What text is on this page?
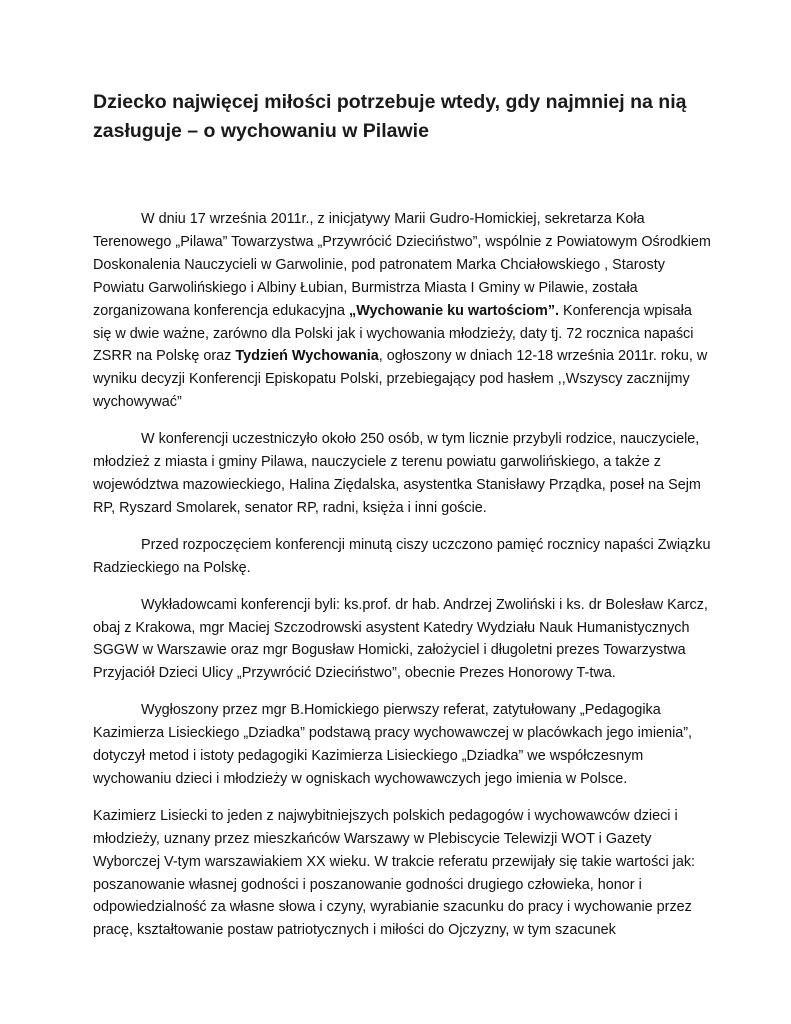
Dziecko najwięcej miłości potrzebuje wtedy, gdy najmniej na nią zasługuje – o wychowaniu w Pilawie

W dniu 17 września 2011r., z inicjatywy Marii Gudro-Homickiej, sekretarza Koła Terenowego „Pilawa” Towarzystwa „Przywrócić Dzieciństwo”, wspólnie z Powiatowym Ośrodkiem Doskonalenia Nauczycieli w Garwolinie, pod patronatem Marka Chciałowskiego , Starosty Powiatu Garwolińskiego i Albiny Łubian, Burmistrza Miasta I Gminy w Pilawie, została zorganizowana konferencja edukacyjna „Wychowanie ku wartościom”. Konferencja wpisała się w dwie ważne, zarówno dla Polski jak i wychowania młodzieży, daty tj. 72 rocznica napaści ZSRR na Polskę oraz Tydzień Wychowania, ogłoszony w dniach 12-18 września 2011r. roku, w wyniku decyzji Konferencji Episkopatu Polski, przebiegający pod hasłem ,,Wszyscy zacznijmy wychowywać”

W konferencji uczestniczyło około 250 osób, w tym licznie przybyli rodzice, nauczyciele, młodzież z miasta i gminy Pilawa, nauczyciele z terenu powiatu garwolińskiego, a także z województwa mazowieckiego, Halina Ziędalska, asystentka Stanisławy Prządka, poseł na Sejm RP, Ryszard Smolarek, senator RP, radni, księża i inni goście.

Przed rozpoczęciem konferencji minutą ciszy uczczono pamięć rocznicy napaści Związku Radzieckiego na Polskę.

Wykładowcami konferencji byli: ks.prof. dr hab. Andrzej Zwoliński i ks. dr Bolesław Karcz, obaj z Krakowa, mgr Maciej Szczodrowski asystent Katedry Wydziału Nauk Humanistycznych SGGW w Warszawie oraz mgr Bogusław Homicki, założyciel i długoletni prezes Towarzystwa Przyjaciół Dzieci Ulicy „Przywrócić Dzieciństwo”, obecnie Prezes Honorowy T-twa.

Wygłoszony przez mgr B.Homickiego pierwszy referat, zatytułowany „Pedagogika Kazimierza Lisieckiego „Dziadka” podstawą pracy wychowawczej w placówkach jego imienia”, dotyczył metod i istoty pedagogiki Kazimierza Lisieckiego „Dziadka” we współczesnym wychowaniu dzieci i młodzieży w ogniskach wychowawczych jego imienia w Polsce.

Kazimierz Lisiecki to jeden z najwybitniejszych polskich pedagogów i wychowawców dzieci i młodzieży, uznany przez mieszkańców Warszawy w Plebiscycie Telewizji WOT i Gazety Wyborczej V-tym warszawiakiem XX wieku. W trakcie referatu przewijały się takie wartości jak: poszanowanie własnej godności i poszanowanie godności drugiego człowieka, honor i odpowiedzialność za własne słowa i czyny, wyrabianie szacunku do pracy i wychowanie przez pracę, kształtowanie postaw patriotycznych i miłości do Ojczyzny, w tym szacunek
